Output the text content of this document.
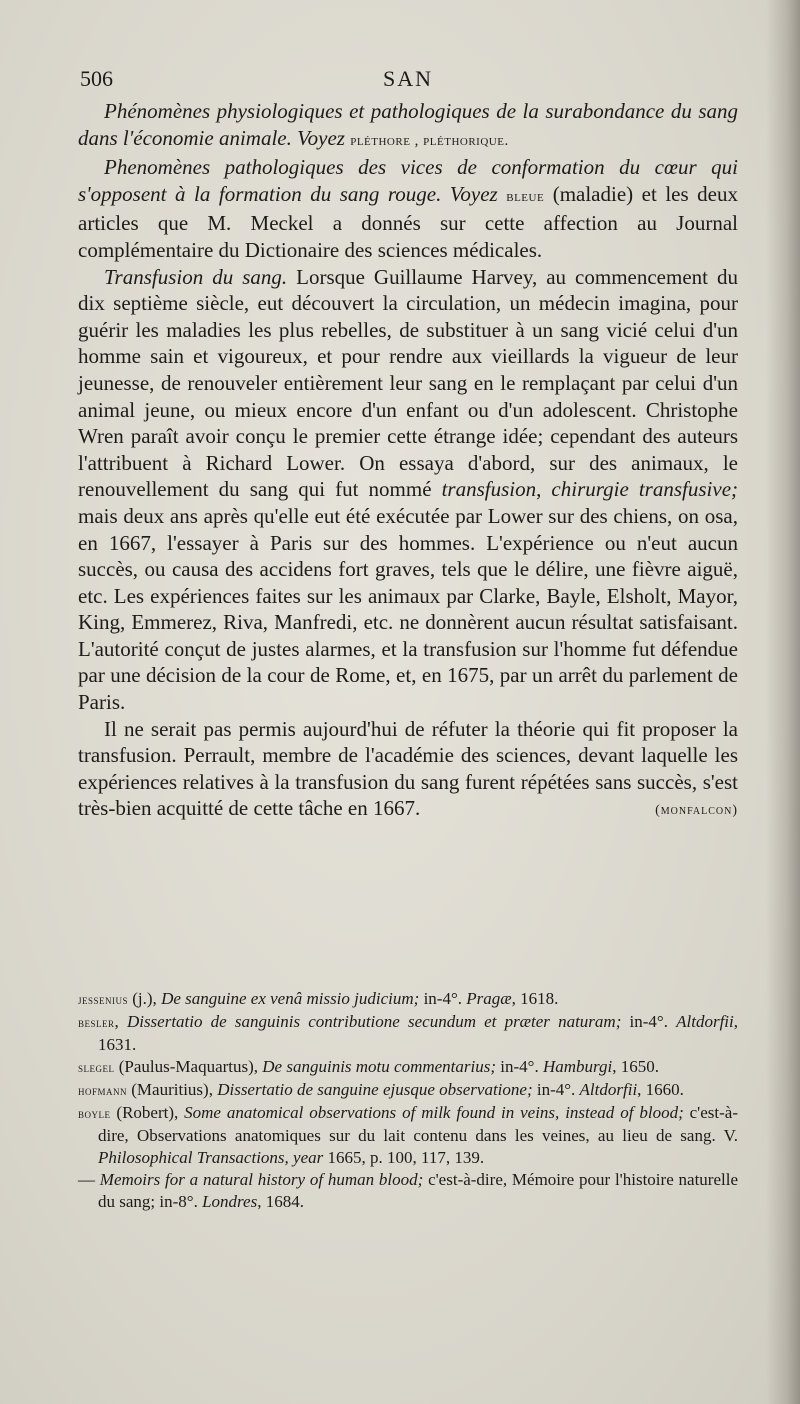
506	SAN

Phénomènes physiologiques et pathologiques de la surabondance du sang dans l'économie animale. Voyez pléthore , pléthorique.

Phenomènes pathologiques des vices de conformation du cœur qui s'opposent à la formation du sang rouge. Voyez bleue (maladie) et les deux articles que M. Meckel a donnés sur cette affection au Journal complémentaire du Dictionaire des sciences médicales.

Transfusion du sang. Lorsque Guillaume Harvey, au commencement du dix septième siècle, eut découvert la circulation, un médecin imagina, pour guérir les maladies les plus rebelles, de substituer à un sang vicié celui d'un homme sain et vigoureux, et pour rendre aux vieillards la vigueur de leur jeunesse, de renouveler entièrement leur sang en le remplaçant par celui d'un animal jeune, ou mieux encore d'un enfant ou d'un adolescent. Christophe Wren paraît avoir conçu le premier cette étrange idée; cependant des auteurs l'attribuent à Richard Lower. On essaya d'abord, sur des animaux, le renouvellement du sang qui fut nommé transfusion, chirurgie transfusive; mais deux ans après qu'elle eut été exécutée par Lower sur des chiens, on osa, en 1667, l'essayer à Paris sur des hommes. L'expérience ou n'eut aucun succès, ou causa des accidens fort graves, tels que le délire, une fièvre aiguë, etc. Les expériences faites sur les animaux par Clarke, Bayle, Elsholt, Mayor, King, Emmerez, Riva, Manfredi, etc. ne donnèrent aucun résultat satisfaisant. L'autorité conçut de justes alarmes, et la transfusion sur l'homme fut défendue par une décision de la cour de Rome, et, en 1675, par un arrêt du parlement de Paris.

Il ne serait pas permis aujourd'hui de réfuter la théorie qui fit proposer la transfusion. Perrault, membre de l'académie des sciences, devant laquelle les expériences relatives à la transfusion du sang furent répétées sans succès, s'est très-bien acquitté de cette tâche en 1667.	(monfalcon)

jessenius (j.), De sanguine ex venâ missio judicium; in-4°. Pragæ, 1618.
besler, Dissertatio de sanguinis contributione secundum et præter naturam; in-4°. Altdorfii, 1631.
slegel (Paulus-Maquartus), De sanguinis motu commentarius; in-4°. Hamburgi, 1650.
hofmann (Mauritius), Dissertatio de sanguine ejusque observatione; in-4°. Altdorfii, 1660.
boyle (Robert), Some anatomical observations of milk found in veins, instead of blood; c'est-à-dire, Observations anatomiques sur du lait contenu dans les veines, au lieu de sang. V. Philosophical Transactions, year 1665, p. 100, 117, 139.
— Memoirs for a natural history of human blood; c'est-à-dire, Mémoire pour l'histoire naturelle du sang; in-8°. Londres, 1684.
